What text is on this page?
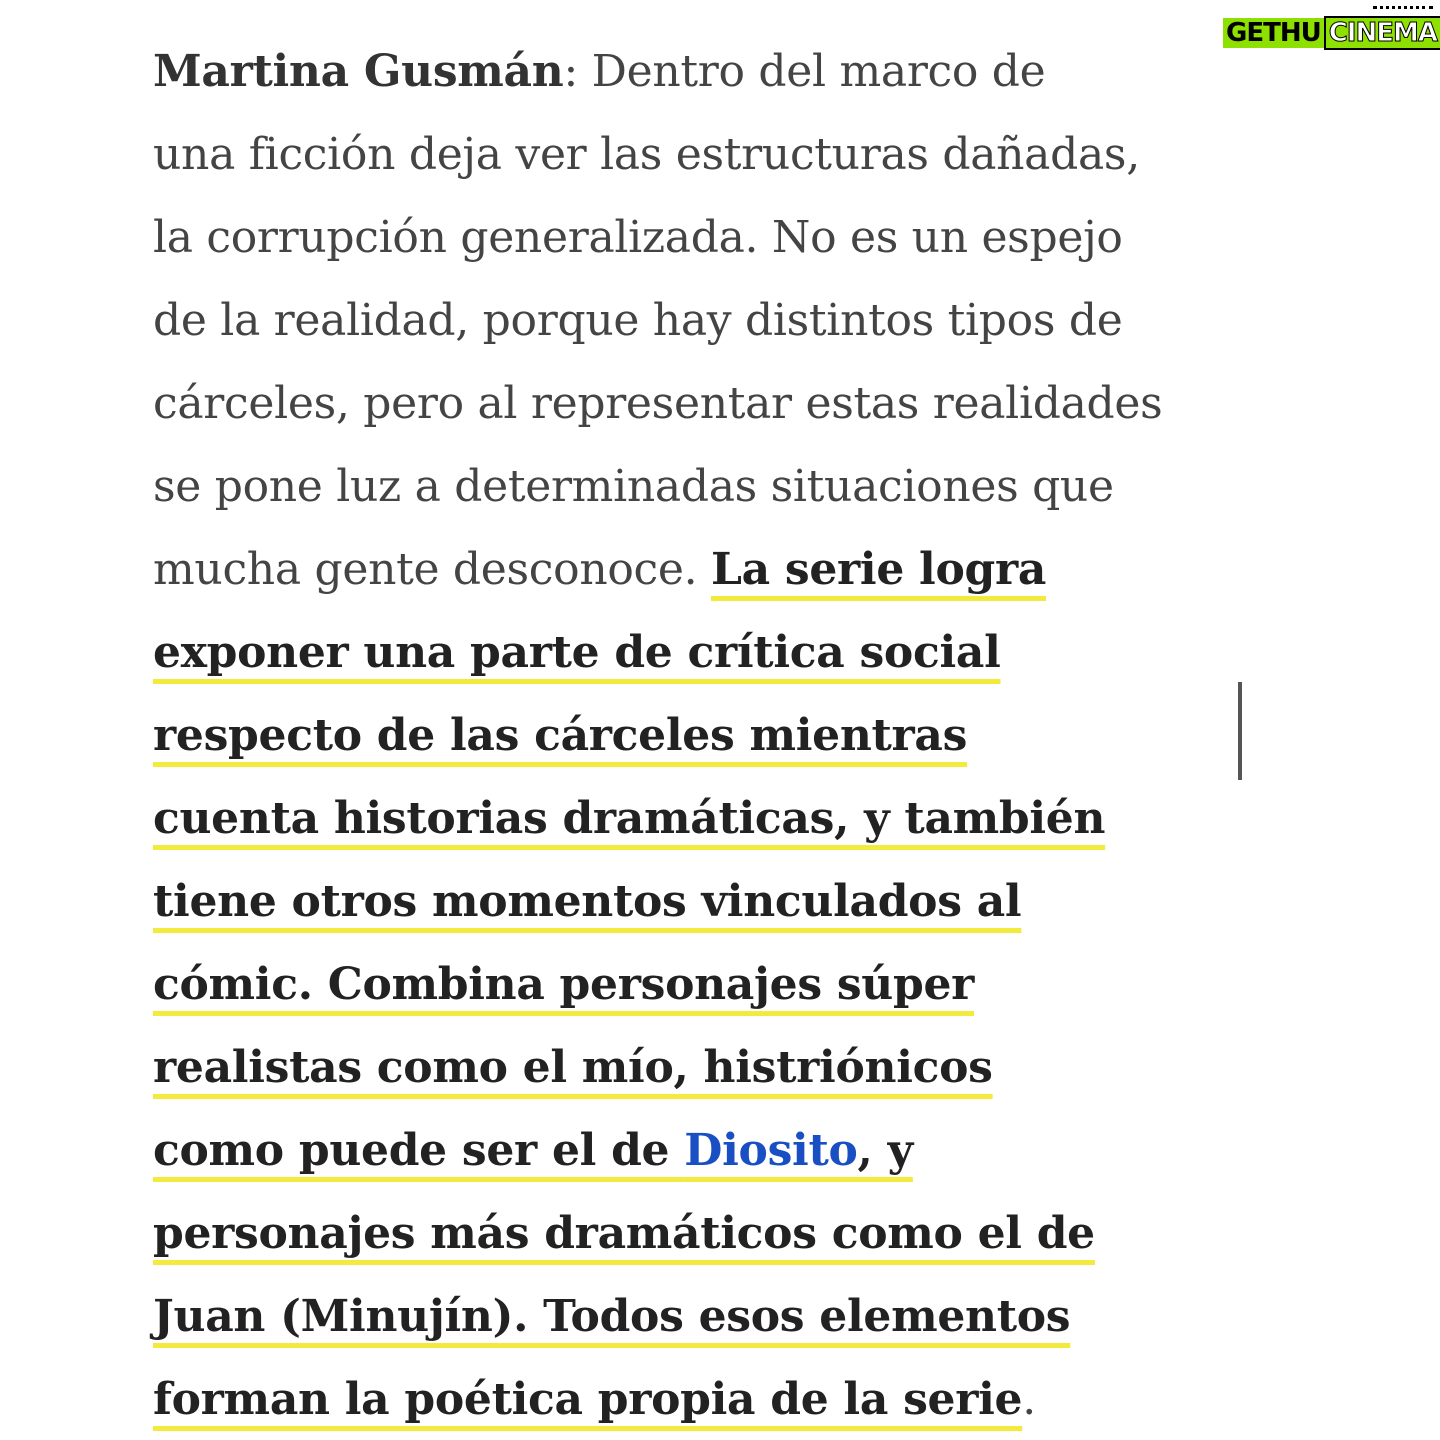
GETHU CINEMA
Martina Gusmán: Dentro del marco de
una ficción deja ver las estructuras dañadas,
la corrupción generalizada. No es un espejo
de la realidad, porque hay distintos tipos de
cárceles, pero al representar estas realidades
se pone luz a determinadas situaciones que
mucha gente desconoce. La serie logra
exponer una parte de crítica social
respecto de las cárceles mientras
cuenta historias dramáticas, y también
tiene otros momentos vinculados al
cómic. Combina personajes súper
realistas como el mío, histriónicos
como puede ser el de Diosito, y
personajes más dramáticos como el de
Juan (Minujín). Todos esos elementos
forman la poética propia de la serie.
